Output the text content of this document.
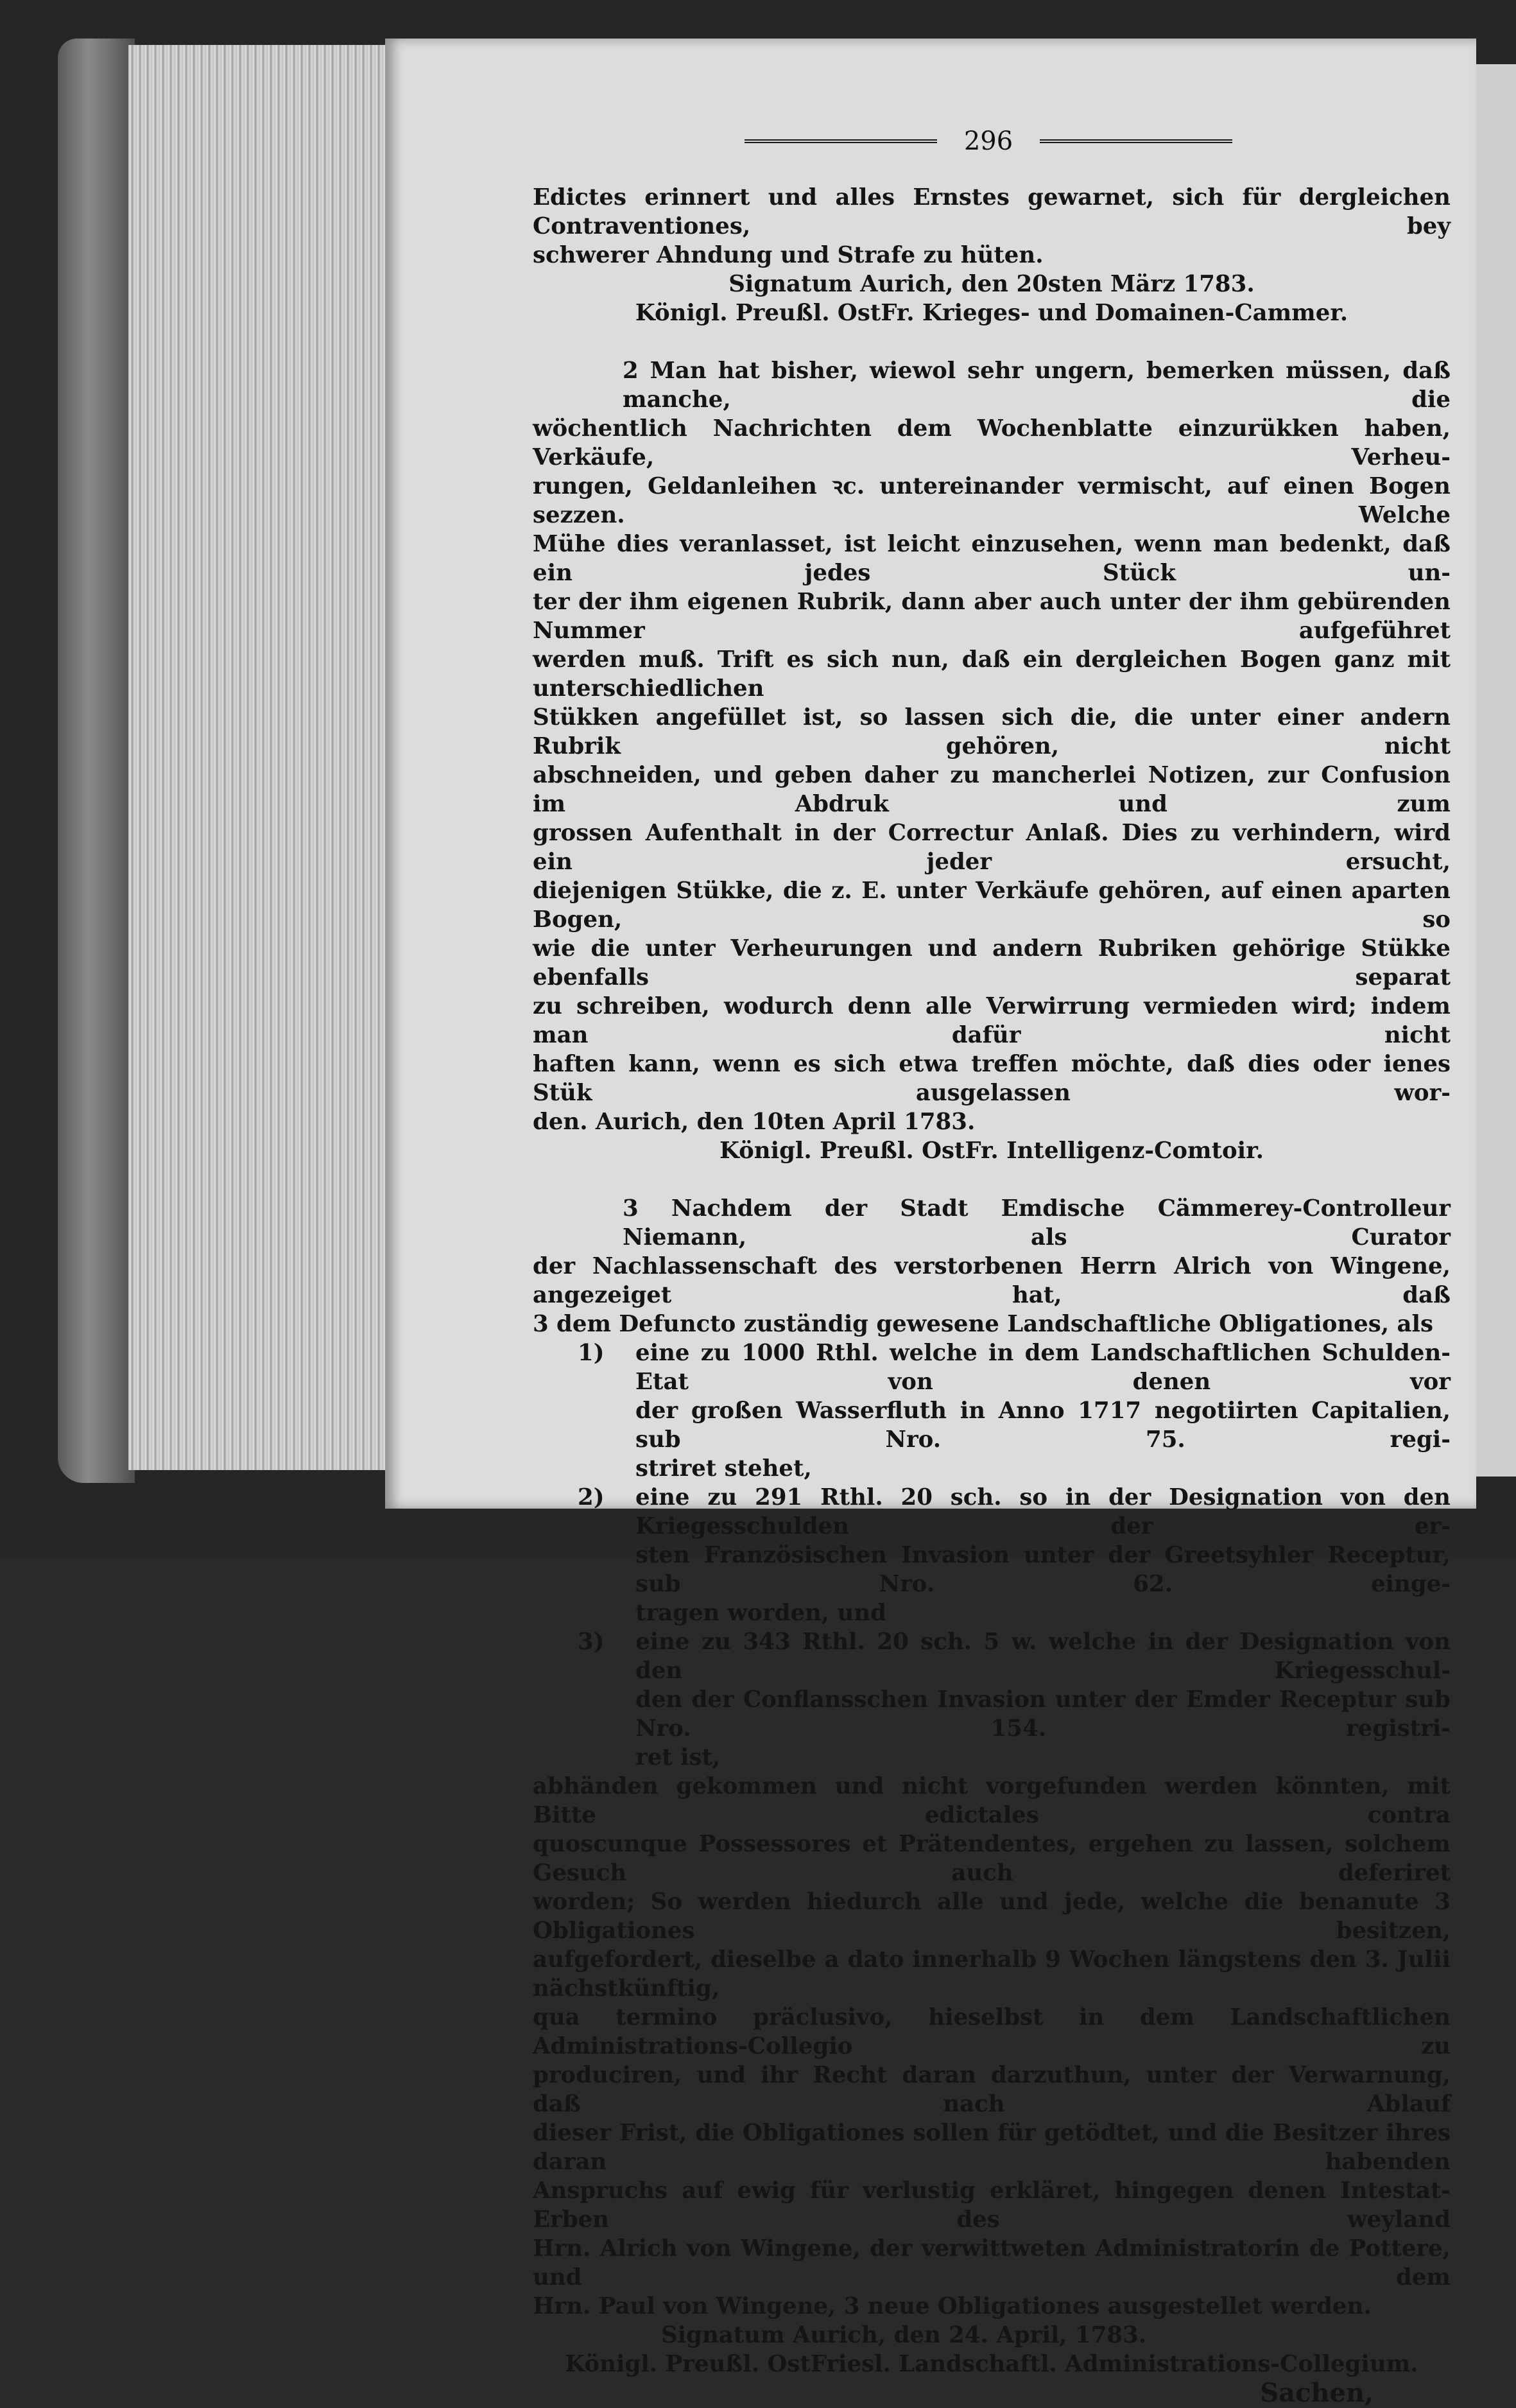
296

Edictes erinnert und alles Ernstes gewarnet, sich für dergleichen Contraventiones, bey

schwerer Ahndung und Strafe zu hüten.

Signatum Aurich, den 20sten März 1783.

Königl. Preußl. OstFr. Krieges- und Domainen-Cammer.

2 Man hat bisher, wiewol sehr ungern, bemerken müssen, daß manche, die

wöchentlich Nachrichten dem Wochenblatte einzurükken haben, Verkäufe, Verheu-

rungen, Geldanleihen ꝛc. untereinander vermischt, auf einen Bogen sezzen. Welche

Mühe dies veranlasset, ist leicht einzusehen, wenn man bedenkt, daß ein jedes Stück un-

ter der ihm eigenen Rubrik, dann aber auch unter der ihm gebürenden Nummer aufgeführet

werden muß. Trift es sich nun, daß ein dergleichen Bogen ganz mit unterschiedlichen

Stükken angefüllet ist, so lassen sich die, die unter einer andern Rubrik gehören, nicht

abschneiden, und geben daher zu mancherlei Notizen, zur Confusion im Abdruk und zum

grossen Aufenthalt in der Correctur Anlaß. Dies zu verhindern, wird ein jeder ersucht,

diejenigen Stükke, die z. E. unter Verkäufe gehören, auf einen aparten Bogen, so

wie die unter Verheurungen und andern Rubriken gehörige Stükke ebenfalls separat

zu schreiben, wodurch denn alle Verwirrung vermieden wird; indem man dafür nicht

haften kann, wenn es sich etwa treffen möchte, daß dies oder ienes Stük ausgelassen wor-

den. Aurich, den 10ten April 1783.

Königl. Preußl. OstFr. Intelligenz-Comtoir.

3 Nachdem der Stadt Emdische Cämmerey-Controlleur Niemann, als Curator

der Nachlassenschaft des verstorbenen Herrn Alrich von Wingene, angezeiget hat, daß

3 dem Defuncto zuständig gewesene Landschaftliche Obligationes, als

1)	eine zu 1000 Rthl. welche in dem Landschaftlichen Schulden-Etat von denen vor

der großen Wasserfluth in Anno 1717 negotiirten Capitalien, sub Nro. 75. regi-

striret stehet,

2)	eine zu 291 Rthl. 20 sch. so in der Designation von den Kriegesschulden der er-

sten Französischen Invasion unter der Greetsyhler Receptur, sub Nro. 62. einge-

tragen worden, und

3)	eine zu 343 Rthl. 20 sch. 5 w. welche in der Designation von den Kriegesschul-

den der Conflansschen Invasion unter der Emder Receptur sub Nro. 154. registri-

ret ist,

abhänden gekommen und nicht vorgefunden werden könnten, mit Bitte edictales contra

quoscunque Possessores et Prätendentes, ergehen zu lassen, solchem Gesuch auch deferiret

worden; So werden hiedurch alle und jede, welche die benanute 3 Obligationes besitzen,

aufgefordert, dieselbe a dato innerhalb 9 Wochen längstens den 3. Julii nächstkünftig,

qua termino präclusivo, hieselbst in dem Landschaftlichen Administrations-Collegio zu

produciren, und ihr Recht daran darzuthun, unter der Verwarnung, daß nach Ablauf

dieser Frist, die Obligationes sollen für getödtet, und die Besitzer ihres daran habenden

Anspruchs auf ewig für verlustig erkläret, hingegen denen Intestat-Erben des weyland

Hrn. Alrich von Wingene, der verwittweten Administratorin de Pottere, und dem

Hrn. Paul von Wingene, 3 neue Obligationes ausgestellet werden.

Signatum Aurich, den 24. April, 1783.

Königl. Preußl. OstFriesl. Landschaftl. Administrations-Collegium.

Sachen,
